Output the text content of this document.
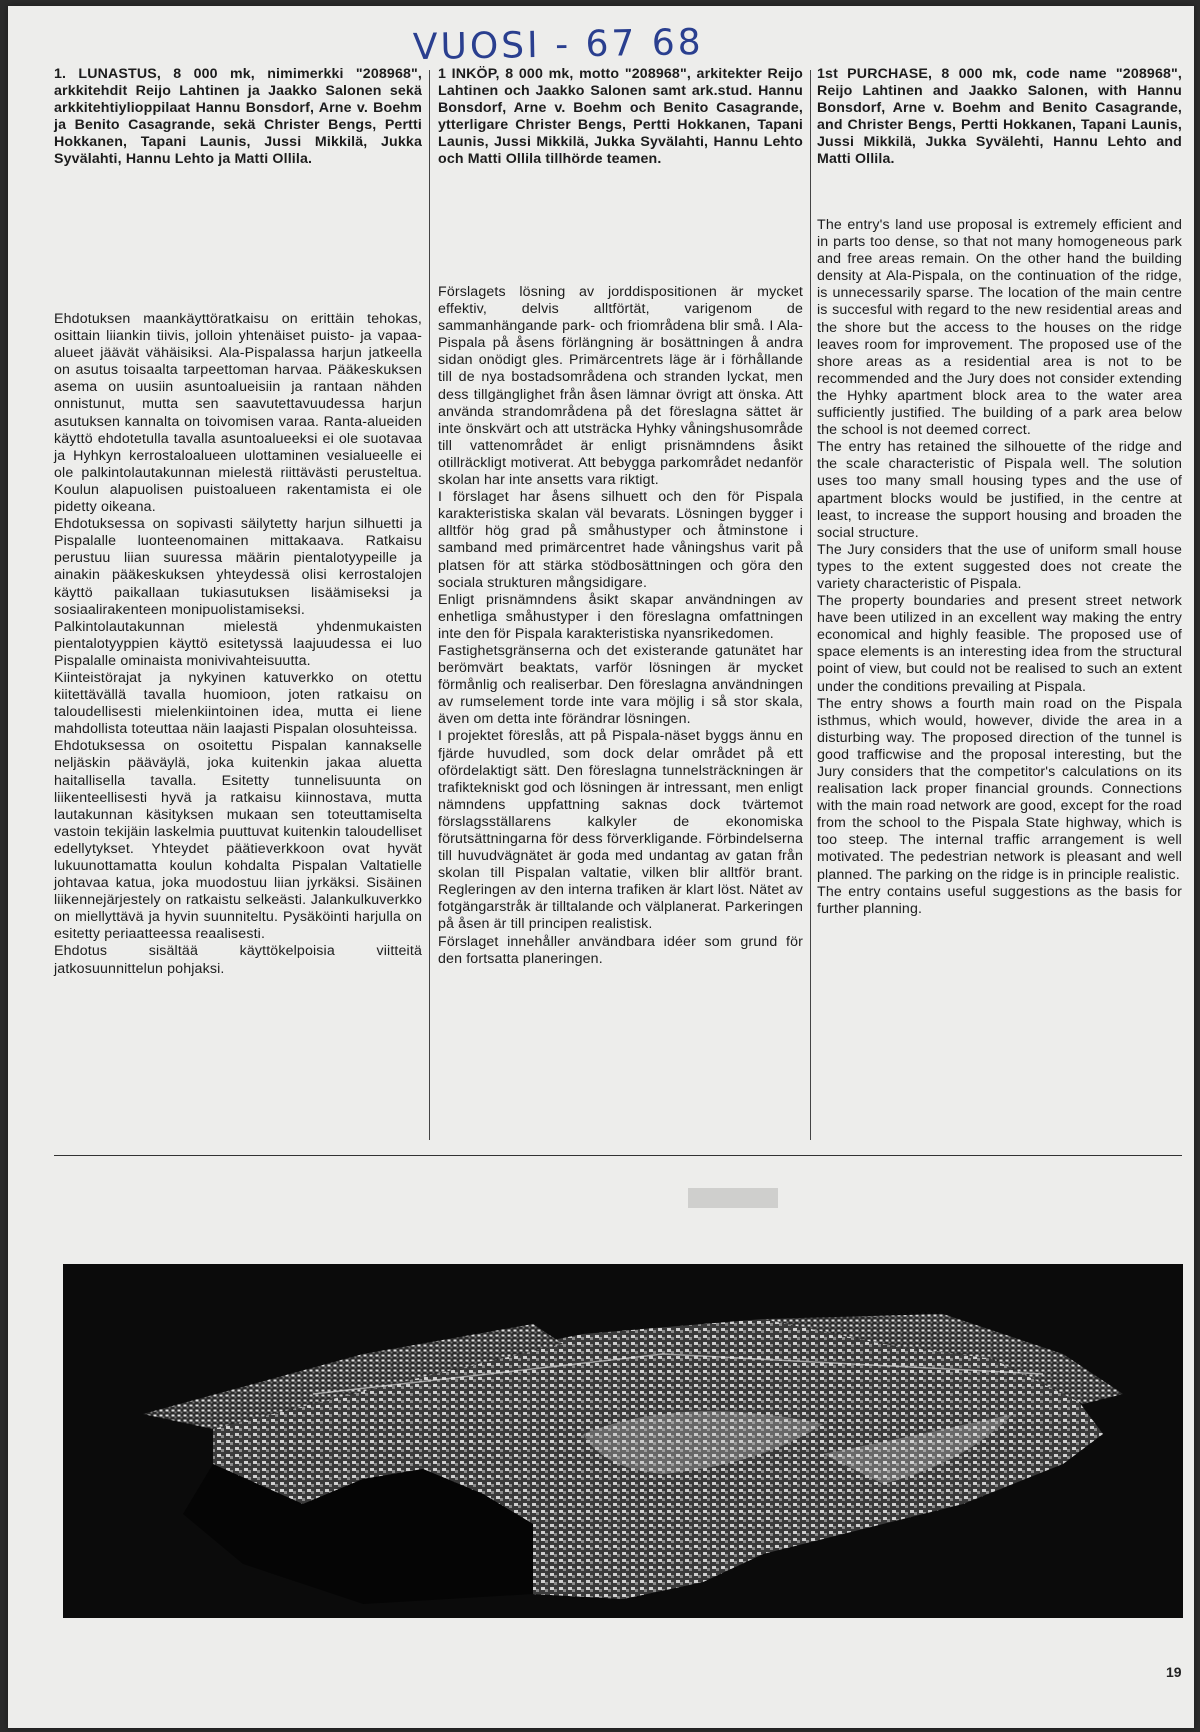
VUOSI - 67 68

1. LUNASTUS, 8 000 mk, nimimerkki "208968", arkkitehdit Reijo Lahtinen ja Jaakko Salonen sekä arkkitehtiylioppilaat Hannu Bonsdorf, Arne v. Boehm ja Benito Casagrande, sekä Christer Bengs, Pertti Hokkanen, Tapani Launis, Jussi Mikkilä, Jukka Syvälahti, Hannu Lehto ja Matti Ollila.

Ehdotuksen maankäyttöratkaisu on erittäin tehokas, osittain liiankin tiivis, jolloin yhtenäiset puisto- ja vapaa-alueet jäävät vähäisiksi. Ala-Pispalassa harjun jatkeella on asutus toisaalta tarpeettoman harvaa. Pääkeskuksen asema on uusiin asuntoalueisiin ja rantaan nähden onnistunut, mutta sen saavutettavuudessa harjun asutuksen kannalta on toivomisen varaa. Ranta-alueiden käyttö ehdotetulla tavalla asuntoalueeksi ei ole suotavaa ja Hyhkyn kerrostaloalueen ulottaminen vesialueelle ei ole palkintolautakunnan mielestä riittävästi perusteltua. Koulun alapuolisen puistoalueen rakentamista ei ole pidetty oikeana.

Ehdotuksessa on sopivasti säilytetty harjun silhuetti ja Pispalalle luonteenomainen mittakaava. Ratkaisu perustuu liian suuressa määrin pientalotyypeille ja ainakin pääkeskuksen yhteydessä olisi kerrostalojen käyttö paikallaan tukiasutuksen lisäämiseksi ja sosiaalirakenteen monipuolistamiseksi.

Palkintolautakunnan mielestä yhdenmukaisten pientalotyyppien käyttö esitetyssä laajuudessa ei luo Pispalalle ominaista monivivahteisuutta.

Kiinteistörajat ja nykyinen katuverkko on otettu kiitettävällä tavalla huomioon, joten ratkaisu on taloudellisesti mielenkiintoinen idea, mutta ei liene mahdollista toteuttaa näin laajasti Pispalan olosuhteissa.

Ehdotuksessa on osoitettu Pispalan kannakselle neljäskin pääväylä, joka kuitenkin jakaa aluetta haitallisella tavalla. Esitetty tunnelisuunta on liikenteellisesti hyvä ja ratkaisu kiinnostava, mutta lautakunnan käsityksen mukaan sen toteuttamiselta vastoin tekijäin laskelmia puuttuvat kuitenkin taloudelliset edellytykset. Yhteydet päätieverkkoon ovat hyvät lukuunottamatta koulun kohdalta Pispalan Valtatielle johtavaa katua, joka muodostuu liian jyrkäksi. Sisäinen liikennejärjestely on ratkaistu selkeästi. Jalankulkuverkko on miellyttävä ja hyvin suunniteltu. Pysäköinti harjulla on esitetty periaatteessa reaalisesti.

Ehdotus sisältää käyttökelpoisia viitteitä jatkosuunnittelun pohjaksi.

1 INKÖP, 8 000 mk, motto "208968", arkitekter Reijo Lahtinen och Jaakko Salonen samt ark.stud. Hannu Bonsdorf, Arne v. Boehm och Benito Casagrande, ytterligare Christer Bengs, Pertti Hokkanen, Tapani Launis, Jussi Mikkilä, Jukka Syvälahti, Hannu Lehto och Matti Ollila tillhörde teamen.

Förslagets lösning av jorddispositionen är mycket effektiv, delvis alltförtät, varigenom de sammanhängande park- och friområdena blir små. I Ala-Pispala på åsens förlängning är bosättningen å andra sidan onödigt gles. Primärcentrets läge är i förhållande till de nya bostadsområdena och stranden lyckat, men dess tillgänglighet från åsen lämnar övrigt att önska. Att använda strandområdena på det föreslagna sättet är inte önskvärt och att utsträcka Hyhky våningshusområde till vattenområdet är enligt prisnämndens åsikt otillräckligt motiverat. Att bebygga parkområdet nedanför skolan har inte ansetts vara riktigt.

I förslaget har åsens silhuett och den för Pispala karakteristiska skalan väl bevarats. Lösningen bygger i alltför hög grad på småhustyper och åtminstone i samband med primärcentret hade våningshus varit på platsen för att stärka stödbosättningen och göra den sociala strukturen mångsidigare.

Enligt prisnämndens åsikt skapar användningen av enhetliga småhustyper i den föreslagna omfattningen inte den för Pispala karakteristiska nyansrikedomen.

Fastighetsgränserna och det existerande gatunätet har berömvärt beaktats, varför lösningen är mycket förmånlig och realiserbar. Den föreslagna användningen av rumselement torde inte vara möjlig i så stor skala, även om detta inte förändrar lösningen.

I projektet föreslås, att på Pispala-näset byggs ännu en fjärde huvudled, som dock delar området på ett ofördelaktigt sätt. Den föreslagna tunnelsträckningen är trafiktekniskt god och lösningen är intressant, men enligt nämndens uppfattning saknas dock tvärtemot förslagsställarens kalkyler de ekonomiska förutsättningarna för dess förverkligande. Förbindelserna till huvudvägnätet är goda med undantag av gatan från skolan till Pispalan valtatie, vilken blir alltför brant. Regleringen av den interna trafiken är klart löst. Nätet av fotgängarstråk är tilltalande och välplanerat. Parkeringen på åsen är till principen realistisk.

Förslaget innehåller användbara idéer som grund för den fortsatta planeringen.

1st PURCHASE, 8 000 mk, code name "208968", Reijo Lahtinen and Jaakko Salonen, with Hannu Bonsdorf, Arne v. Boehm and Benito Casagrande, and Christer Bengs, Pertti Hokkanen, Tapani Launis, Jussi Mikkilä, Jukka Syvälehti, Hannu Lehto and Matti Ollila.

The entry's land use proposal is extremely efficient and in parts too dense, so that not many homogeneous park and free areas remain. On the other hand the building density at Ala-Pispala, on the continuation of the ridge, is unnecessarily sparse. The location of the main centre is succesful with regard to the new residential areas and the shore but the access to the houses on the ridge leaves room for improvement. The proposed use of the shore areas as a residential area is not to be recommended and the Jury does not consider extending the Hyhky apartment block area to the water area sufficiently justified. The building of a park area below the school is not deemed correct.

The entry has retained the silhouette of the ridge and the scale characteristic of Pispala well. The solution uses too many small housing types and the use of apartment blocks would be justified, in the centre at least, to increase the support housing and broaden the social structure.

The Jury considers that the use of uniform small house types to the extent suggested does not create the variety characteristic of Pispala.

The property boundaries and present street network have been utilized in an excellent way making the entry economical and highly feasible. The proposed use of space elements is an interesting idea from the structural point of view, but could not be realised to such an extent under the conditions prevailing at Pispala.

The entry shows a fourth main road on the Pispala isthmus, which would, however, divide the area in a disturbing way. The proposed direction of the tunnel is good trafficwise and the proposal interesting, but the Jury considers that the competitor's calculations on its realisation lack proper financial grounds. Connections with the main road network are good, except for the road from the school to the Pispala State highway, which is too steep. The internal traffic arrangement is well motivated. The pedestrian network is pleasant and well planned. The parking on the ridge is in principle realistic.

The entry contains useful suggestions as the basis for further planning.

19
